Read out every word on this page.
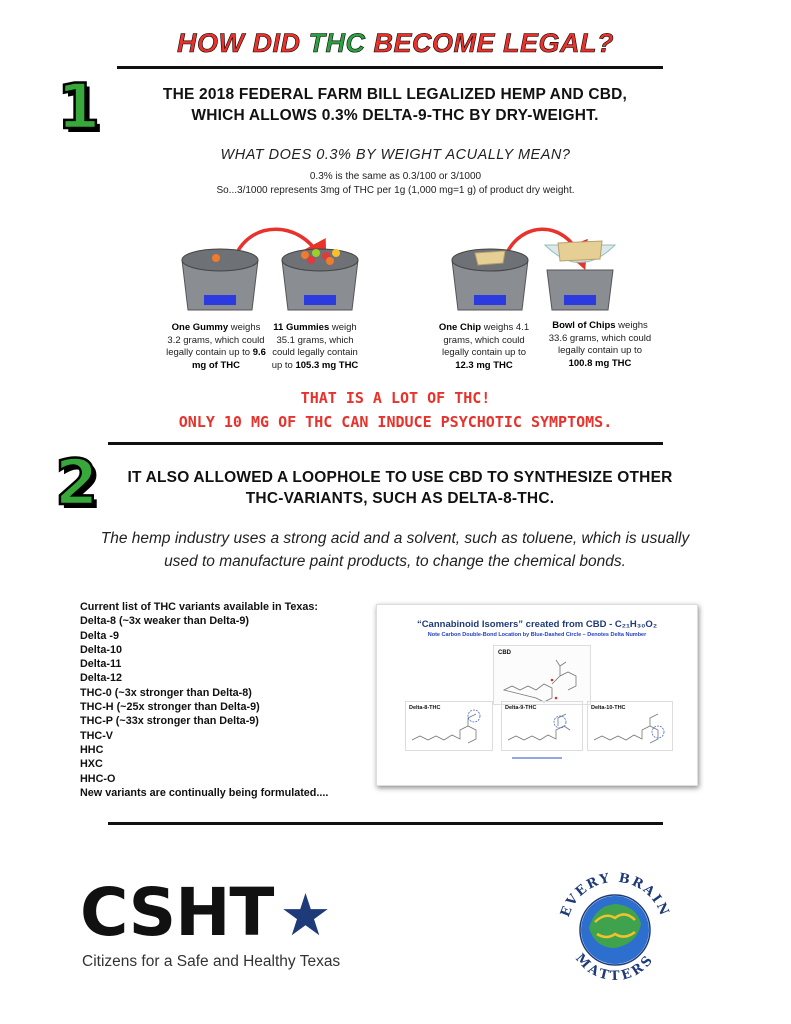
HOW DID THC BECOME LEGAL?
1	THE 2018 FEDERAL FARM BILL LEGALIZED HEMP AND CBD,
WHICH ALLOWS 0.3% DELTA-9-THC BY DRY-WEIGHT.
WHAT DOES 0.3% BY WEIGHT ACUALLY MEAN?
0.3% is the same as 0.3/100 or 3/1000
So...3/1000 represents 3mg of THC per 1g (1,000 mg=1 g) of product dry weight.
One Gummy weighs 3.2 grams, which could legally contain up to 9.6 mg of THC
11 Gummies weigh 35.1 grams, which could legally contain up to 105.3 mg THC
One Chip weighs 4.1 grams, which could legally contain up to 12.3 mg THC
Bowl of Chips weighs 33.6 grams, which could legally contain up to 100.8 mg THC
THAT IS A LOT OF THC!
ONLY 10 MG OF THC CAN INDUCE PSYCHOTIC SYMPTOMS.
2	IT ALSO ALLOWED A LOOPHOLE TO USE CBD TO SYNTHESIZE OTHER
THC-VARIANTS, SUCH AS DELTA-8-THC.
The hemp industry uses a strong acid and a solvent, such as toluene, which is usually
used to manufacture paint products, to change the chemical bonds.
Current list of THC variants available in Texas:
Delta-8 (~3x weaker than Delta-9)
Delta -9
Delta-10
Delta-11
Delta-12
THC-0 (~3x stronger than Delta-8)
THC-H (~25x stronger than Delta-9)
THC-P (~33x stronger than Delta-9)
THC-V
HHC
HXC
HHC-O
New variants are continually being formulated....
“Cannabinoid Isomers” created from CBD - C₂₁H₃₀O₂
Note Carbon Double-Bond Location by Blue-Dashed Circle – Denotes Delta Number
CBD
Delta-8-THC	Delta-9-THC	Delta-10-THC
CSHT ★
Citizens for a Safe and Healthy Texas
EVERY BRAIN
MATTERS
